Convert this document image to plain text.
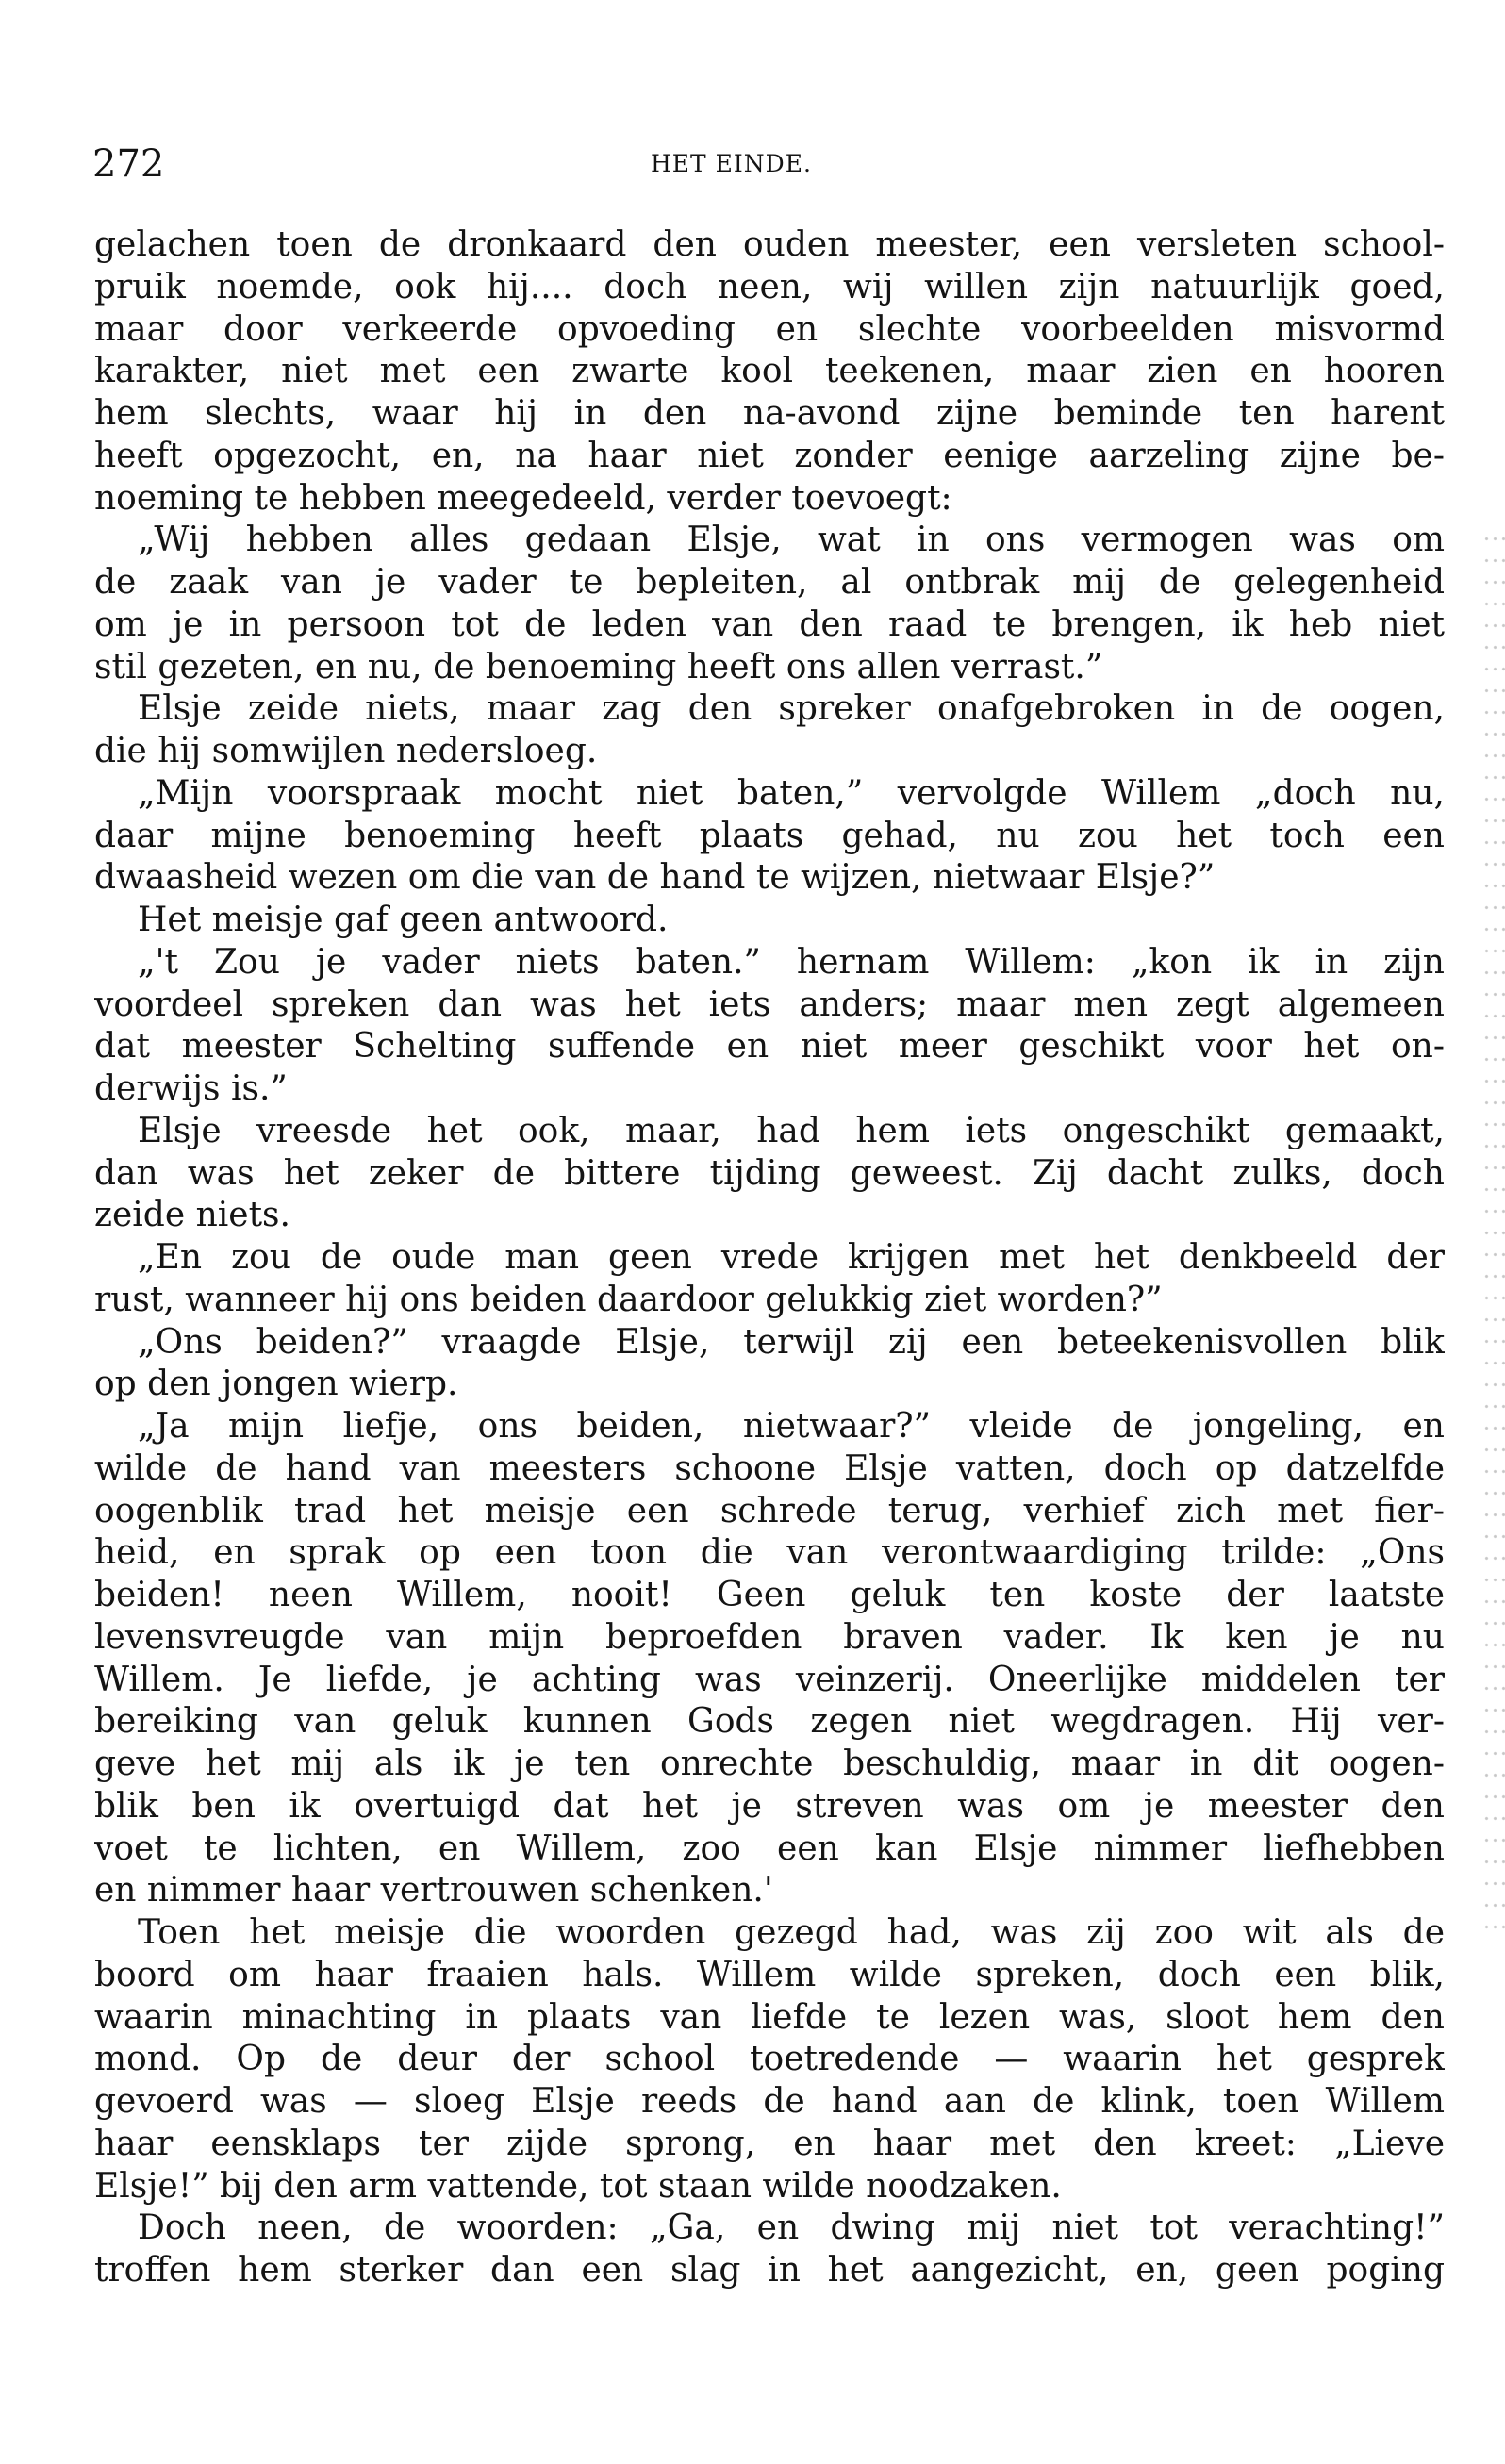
272	HET EINDE.

gelachen toen de dronkaard den ouden meester, een versleten school-

pruik noemde, ook hij.... doch neen, wij willen zijn natuurlijk goed,

maar door verkeerde opvoeding en slechte voorbeelden misvormd

karakter, niet met een zwarte kool teekenen, maar zien en hooren

hem slechts, waar hij in den na-avond zijne beminde ten harent

heeft opgezocht, en, na haar niet zonder eenige aarzeling zijne be-

noeming te hebben meegedeeld, verder toevoegt:

„Wij hebben alles gedaan Elsje, wat in ons vermogen was om

de zaak van je vader te bepleiten, al ontbrak mij de gelegenheid

om je in persoon tot de leden van den raad te brengen, ik heb niet

stil gezeten, en nu, de benoeming heeft ons allen verrast.”

Elsje zeide niets, maar zag den spreker onafgebroken in de oogen,

die hij somwijlen nedersloeg.

„Mijn voorspraak mocht niet baten,” vervolgde Willem „doch nu,

daar mijne benoeming heeft plaats gehad, nu zou het toch een

dwaasheid wezen om die van de hand te wijzen, nietwaar Elsje?”

Het meisje gaf geen antwoord.

„'t Zou je vader niets baten.” hernam Willem: „kon ik in zijn

voordeel spreken dan was het iets anders; maar men zegt algemeen

dat meester Schelting suffende en niet meer geschikt voor het on-

derwijs is.”

Elsje vreesde het ook, maar, had hem iets ongeschikt gemaakt,

dan was het zeker de bittere tijding geweest. Zij dacht zulks, doch

zeide niets.

„En zou de oude man geen vrede krijgen met het denkbeeld der

rust, wanneer hij ons beiden daardoor gelukkig ziet worden?”

„Ons beiden?” vraagde Elsje, terwijl zij een beteekenisvollen blik

op den jongen wierp.

„Ja mijn liefje, ons beiden, nietwaar?” vleide de jongeling, en

wilde de hand van meesters schoone Elsje vatten, doch op datzelfde

oogenblik trad het meisje een schrede terug, verhief zich met fier-

heid, en sprak op een toon die van verontwaardiging trilde: „Ons

beiden! neen Willem, nooit! Geen geluk ten koste der laatste

levensvreugde van mijn beproefden braven vader. Ik ken je nu

Willem. Je liefde, je achting was veinzerij. Oneerlijke middelen ter

bereiking van geluk kunnen Gods zegen niet wegdragen. Hij ver-

geve het mij als ik je ten onrechte beschuldig, maar in dit oogen-

blik ben ik overtuigd dat het je streven was om je meester den

voet te lichten, en Willem, zoo een kan Elsje nimmer liefhebben

en nimmer haar vertrouwen schenken.'

Toen het meisje die woorden gezegd had, was zij zoo wit als de

boord om haar fraaien hals. Willem wilde spreken, doch een blik,

waarin minachting in plaats van liefde te lezen was, sloot hem den

mond. Op de deur der school toetredende — waarin het gesprek

gevoerd was — sloeg Elsje reeds de hand aan de klink, toen Willem

haar eensklaps ter zijde sprong, en haar met den kreet: „Lieve

Elsje!” bij den arm vattende, tot staan wilde noodzaken.

Doch neen, de woorden: „Ga, en dwing mij niet tot verachting!”

troffen hem sterker dan een slag in het aangezicht, en, geen poging
